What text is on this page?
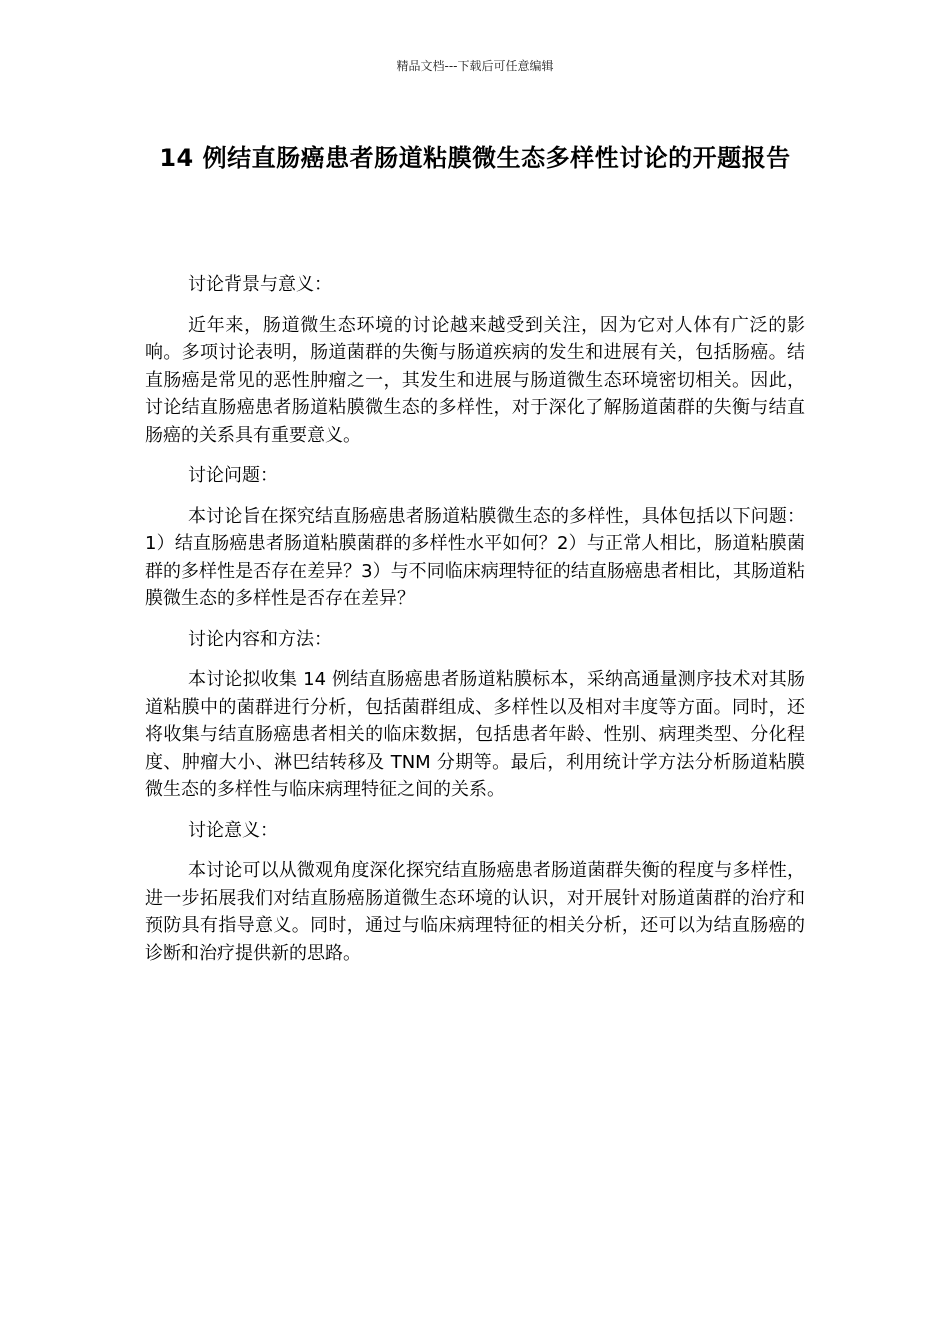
精品文档---下载后可任意编辑
14 例结直肠癌患者肠道粘膜微生态多样性讨论的开题报告

讨论背景与意义：

近年来，肠道微生态环境的讨论越来越受到关注，因为它对人体有广泛的影响。多项讨论表明，肠道菌群的失衡与肠道疾病的发生和进展有关，包括肠癌。结直肠癌是常见的恶性肿瘤之一，其发生和进展与肠道微生态环境密切相关。因此，讨论结直肠癌患者肠道粘膜微生态的多样性，对于深化了解肠道菌群的失衡与结直肠癌的关系具有重要意义。

讨论问题：

本讨论旨在探究结直肠癌患者肠道粘膜微生态的多样性，具体包括以下问题：1）结直肠癌患者肠道粘膜菌群的多样性水平如何？2）与正常人相比，肠道粘膜菌群的多样性是否存在差异？3）与不同临床病理特征的结直肠癌患者相比，其肠道粘膜微生态的多样性是否存在差异？

讨论内容和方法：

本讨论拟收集 14 例结直肠癌患者肠道粘膜标本，采纳高通量测序技术对其肠道粘膜中的菌群进行分析，包括菌群组成、多样性以及相对丰度等方面。同时，还将收集与结直肠癌患者相关的临床数据，包括患者年龄、性别、病理类型、分化程度、肿瘤大小、淋巴结转移及 TNM 分期等。最后，利用统计学方法分析肠道粘膜微生态的多样性与临床病理特征之间的关系。

讨论意义：

本讨论可以从微观角度深化探究结直肠癌患者肠道菌群失衡的程度与多样性，进一步拓展我们对结直肠癌肠道微生态环境的认识，对开展针对肠道菌群的治疗和预防具有指导意义。同时，通过与临床病理特征的相关分析，还可以为结直肠癌的诊断和治疗提供新的思路。
